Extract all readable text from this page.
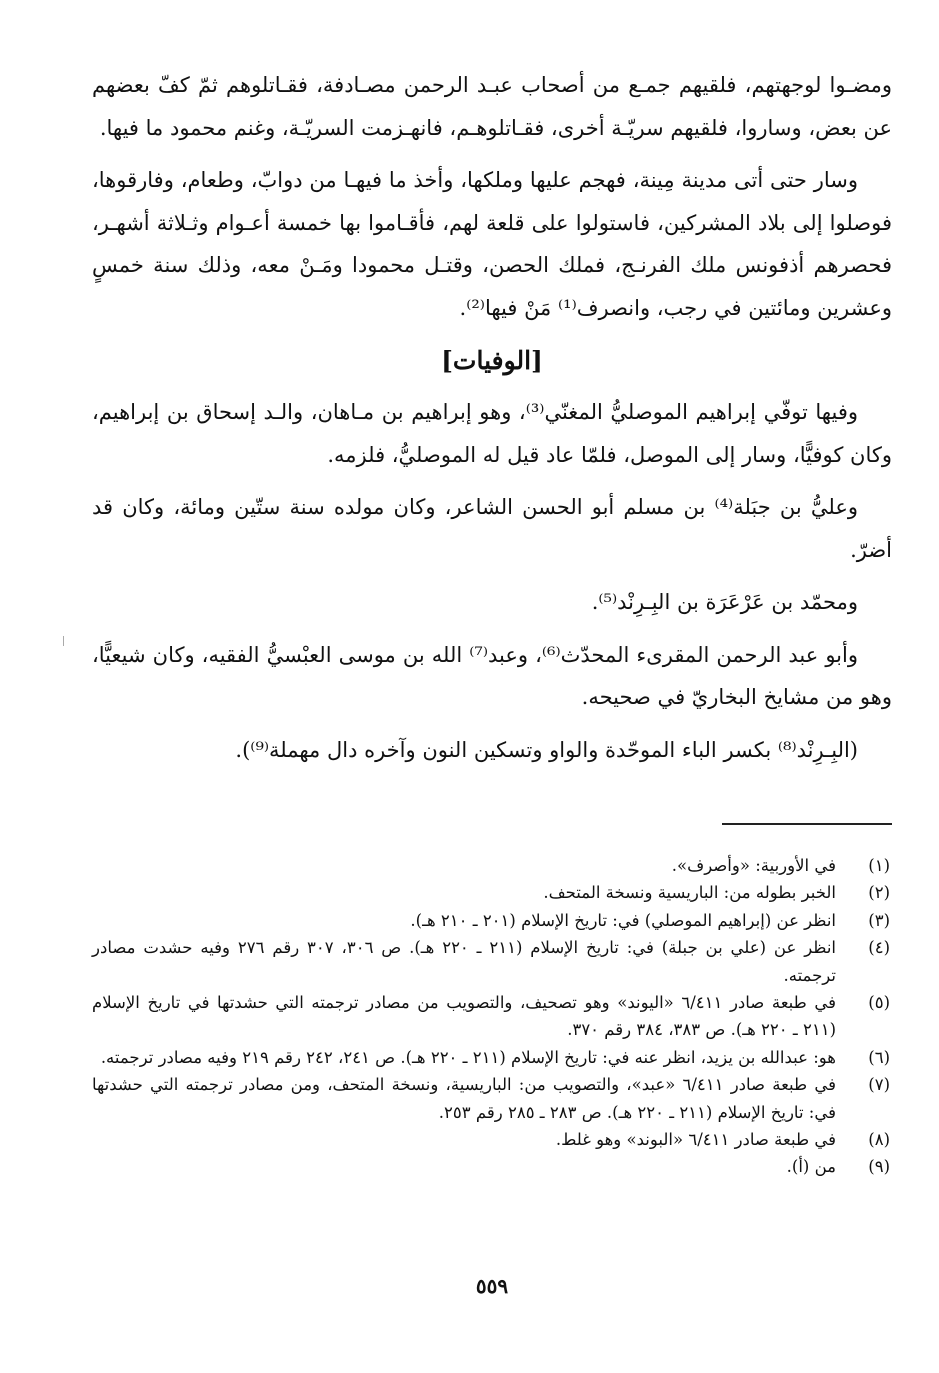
ومضـوا لوجهتهم، فلقيهم جمـع من أصحاب عبـد الرحمن مصـادفة، فقـاتلوهم ثمّ كفّ بعضهم عن بعض، وساروا، فلقيهم سريّـة أخرى، فقـاتلوهـم، فانهـزمت السريّـة، وغنم محمود ما فيها.

وسار حتى أتى مدينة مِينة، فهجم عليها وملكها، وأخذ ما فيهـا من دوابّ، وطعام، وفارقوها، فوصلوا إلى بلاد المشركين، فاستولوا على قلعة لهم، فأقـاموا بها خمسة أعـوام وثـلاثة أشهـر، فحصرهم أذفونس ملك الفرنـج، فملك الحصن، وقتـل محمودا ومَـنْ معه، وذلك سنة خمسٍ وعشرين ومائتين في رجب، وانصرف⁽¹⁾ مَنْ فيها⁽²⁾.

[الوفيات]

وفيها توفّي إبراهيم الموصليُّ المغنّي⁽³⁾، وهو إبراهيم بن مـاهان، والـد إسحاق بن إبراهيم، وكان كوفيًّا، وسار إلى الموصل، فلمّا عاد قيل له الموصليُّ، فلزمه.

وعليُّ بن جبَلة⁽⁴⁾ بن مسلم أبو الحسن الشاعر، وكان مولده سنة ستّين ومائة، وكان قد أضرّ.

ومحمّد بن عَرْعَرَة بن البِـرِنْد⁽⁵⁾.

وأبو عبد الرحمن المقرىء المحدّث⁽⁶⁾، وعبد⁽⁷⁾ الله بن موسى العبْسيُّ الفقيه، وكان شيعيًّا، وهو من مشايخ البخاريّ في صحيحه.

(البِـرِنْد⁽⁸⁾ بكسر الباء الموحّدة والواو وتسكين النون وآخره دال مهملة⁽⁹⁾).

(١)
في الأوربية: «وأصرف».
(٢)
الخبر بطوله من: الباريسية ونسخة المتحف.
(٣)
انظر عن (إبراهيم الموصلي) في: تاريخ الإسلام (٢٠١ ـ ٢١٠ هـ).
(٤)
انظر عن (علي بن جبلة) في: تاريخ الإسلام (٢١١ ـ ٢٢٠ هـ). ص ٣٠٦، ٣٠٧ رقم ٢٧٦ وفيه حشدت مصادر ترجمته.
(٥)
في طبعة صادر ٦/٤١١ «اليوند» وهو تصحيف، والتصويب من مصادر ترجمته التي حشدتها في تاريخ الإسلام (٢١١ ـ ٢٢٠ هـ). ص ٣٨٣، ٣٨٤ رقم ٣٧٠.
(٦)
هو: عبدالله بن يزيد، انظر عنه في: تاريخ الإسلام (٢١١ ـ ٢٢٠ هـ). ص ٢٤١، ٢٤٢ رقم ٢١٩ وفيه مصادر ترجمته.
(٧)
في طبعة صادر ٦/٤١١ «عبد»، والتصويب من: الباريسية، ونسخة المتحف، ومن مصادر ترجمته التي حشدتها في: تاريخ الإسلام (٢١١ ـ ٢٢٠ هـ). ص ٢٨٣ ـ ٢٨٥ رقم ٢٥٣.
(٨)
في طبعة صادر ٦/٤١١ «البوند» وهو غلط.
(٩)
من (أ).
٥٥٩
